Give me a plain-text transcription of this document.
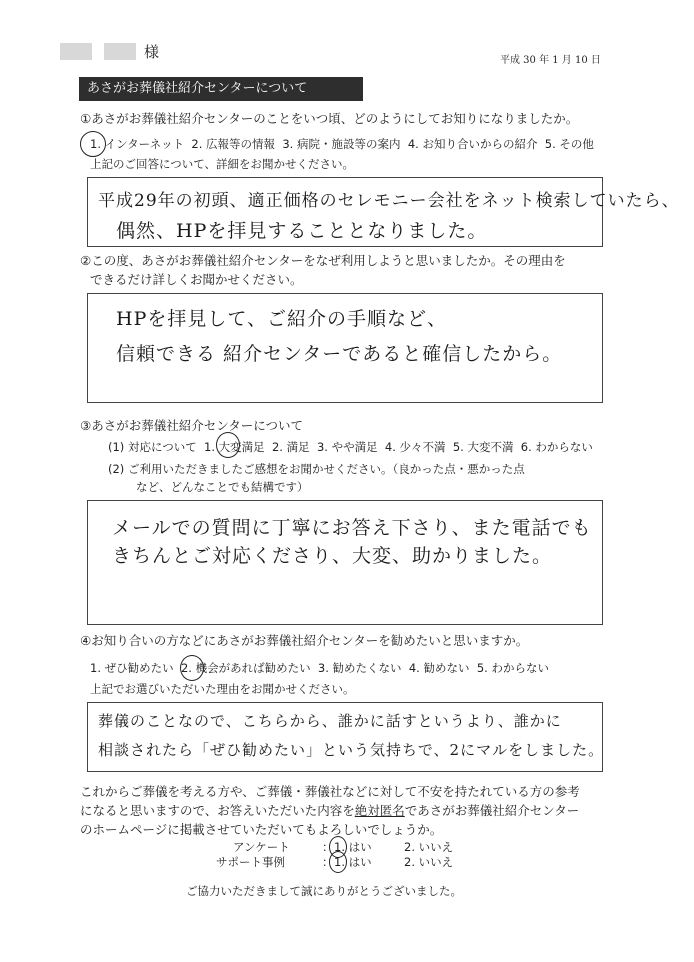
様	平成 30 年 1 月 10 日
あさがお葬儀社紹介センターについて
①あさがお葬儀社紹介センターのことをいつ頃、どのようにしてお知りになりましたか。
1. インターネット 2. 広報等の情報 3. 病院・施設等の案内 4. お知り合いからの紹介 5. その他
上記のご回答について、詳細をお聞かせください。
平成29年の初頭、適正価格のセレモニー会社をネット検索していたら、
偶然、HPを拝見することとなりました。
②この度、あさがお葬儀社紹介センターをなぜ利用しようと思いましたか。その理由を
できるだけ詳しくお聞かせください。
HPを拝見して、ご紹介の手順など、
信頼できる 紹介センターであると確信したから。
③あさがお葬儀社紹介センターについて
(1) 対応について 1. 大変満足 2. 満足 3. やや満足 4. 少々不満 5. 大変不満 6. わからない
(2) ご利用いただきましたご感想をお聞かせください。（良かった点・悪かった点
など、どんなことでも結構です）
メールでの質問に丁寧にお答え下さり、また電話でも
きちんとご対応くださり、大変、助かりました。
④お知り合いの方などにあさがお葬儀社紹介センターを勧めたいと思いますか。
1. ぜひ勧めたい 2. 機会があれば勧めたい 3. 勧めたくない 4. 勧めない 5. わからない
上記でお選びいただいた理由をお聞かせください。
葬儀のことなので、こちらから、誰かに話すというより、誰かに
相談されたら「ぜひ勧めたい」という気持ちで、2にマルをしました。
これからご葬儀を考える方や、ご葬儀・葬儀社などに対して不安を持たれている方の参考
になると思いますので、お答えいただいた内容を絶対匿名であさがお葬儀社紹介センター
のホームページに掲載させていただいてもよろしいでしょうか。
アンケート	： 1. はい	2. いいえ
サポート事例	： 1. はい	2. いいえ
ご協力いただきまして誠にありがとうございました。
